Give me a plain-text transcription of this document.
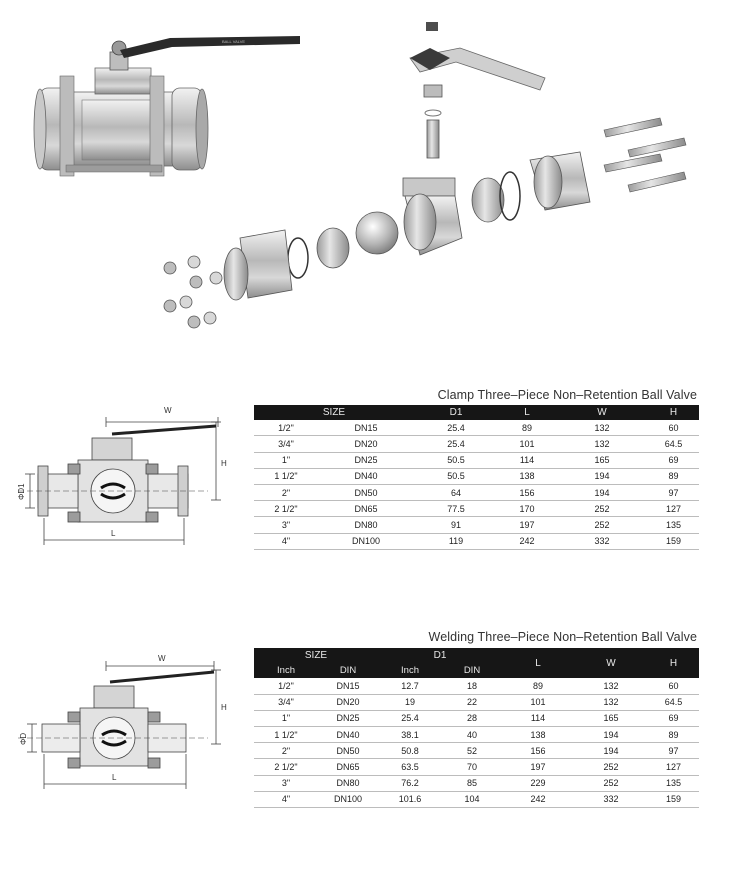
BALL VALVE
Clamp Three–Piece Non–Retention Ball Valve
W
H
ΦD1
L
SIZE		D1	L	W	H
1/2"	DN15	25.4	89	132	60
3/4"	DN20	25.4	101	132	64.5
1"	DN25	50.5	114	165	69
1 1/2"	DN40	50.5	138	194	89
2"	DN50	64	156	194	97
2 1/2"	DN65	77.5	170	252	127
3"	DN80	91	197	252	135
4"	DN100	119	242	332	159
Welding Three–Piece Non–Retention Ball Valve
W
H
ΦD
L
SIZE		D1		L	W	H
Inch	DIN	Inch	DIN			
1/2"	DN15	12.7	18	89	132	60
3/4"	DN20	19	22	101	132	64.5
1"	DN25	25.4	28	114	165	69
1 1/2"	DN40	38.1	40	138	194	89
2"	DN50	50.8	52	156	194	97
2 1/2"	DN65	63.5	70	197	252	127
3"	DN80	76.2	85	229	252	135
4"	DN100	101.6	104	242	332	159
